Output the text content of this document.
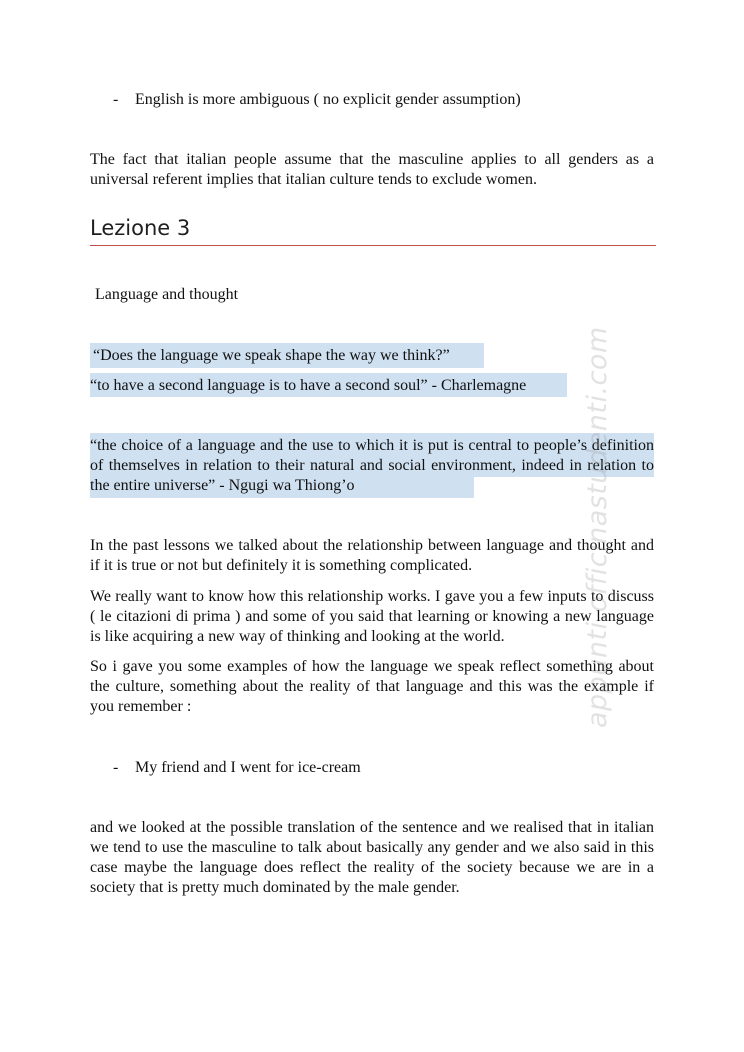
- English is more ambiguous ( no explicit gender assumption)

The fact that italian people assume that the masculine applies to all genders as a universal referent implies that italian culture tends to exclude women.

Lezione 3

Language and thought

“Does the language we speak shape the way we think?”

“to have a second language is to have a second soul” - Charlemagne

“the choice of a language and the use to which it is put is central to people’s definition of themselves in relation to their natural and social environment, indeed in relation to the entire universe” - Ngugi wa Thiong’o

In the past lessons we talked about the relationship between language and thought and if it is true or not but definitely it is something complicated.

We really want to know how this relationship works. I gave you a few inputs to discuss ( le citazioni di prima ) and some of you said that learning or knowing a new language is like acquiring a new way of thinking and looking at the world.

So i gave you some examples of how the language we speak reflect something about the culture, something about the reality of that language and this was the example if you remember :

- My friend and I went for ice-cream

and we looked at the possible translation of the sentence and we realised that in italian we tend to use the masculine to talk about basically any gender and we also said in this case maybe the language does reflect the reality of the society because we are in a society that is pretty much dominated by the male gender.

appunti.officinastudenti.com
